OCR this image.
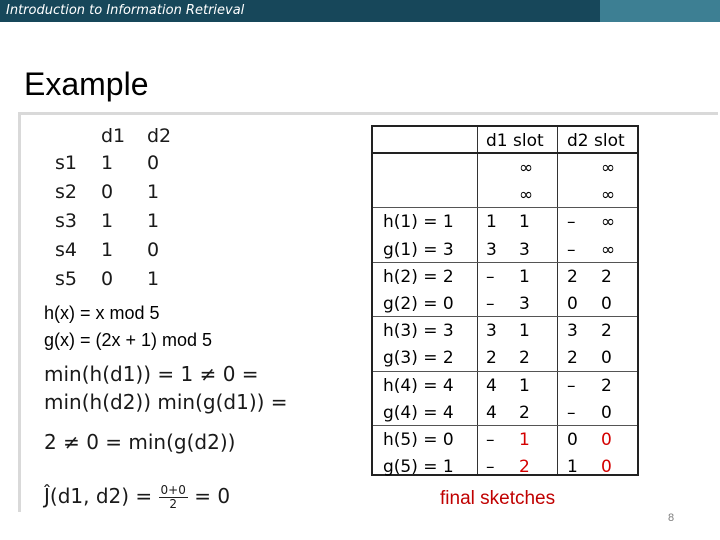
Introduction to Information Retrieval
Example
d1 d2
s1 1 0
s2 0 1
s3 1 1
s4 1 0
s5 0 1
h(x) = x mod 5
g(x) = (2x + 1) mod 5
min(h(d1)) = 1 ≠ 0 =
min(h(d2)) min(g(d1)) =
2 ≠ 0 = min(g(d2))
Ĵ(d1, $d2) = \frac{0+0}{2} = 0$
d1 slot d2 slot
∞	∞
∞	∞
h(1) = 1 1 1 – ∞
g(1) = 3 3 3 – ∞
h(2) = 2 – 1 2 2
g(2) = 0 – 3 0 0
h(3) = 3 3 1 3 2
g(3) = 2 2 2 2 0
h(4) = 4 4 1 – 2
g(4) = 4 4 2 – 0
h(5) = 0 – 1 0 0
g(5) = 1 – 2 1 0
final sketches
8
